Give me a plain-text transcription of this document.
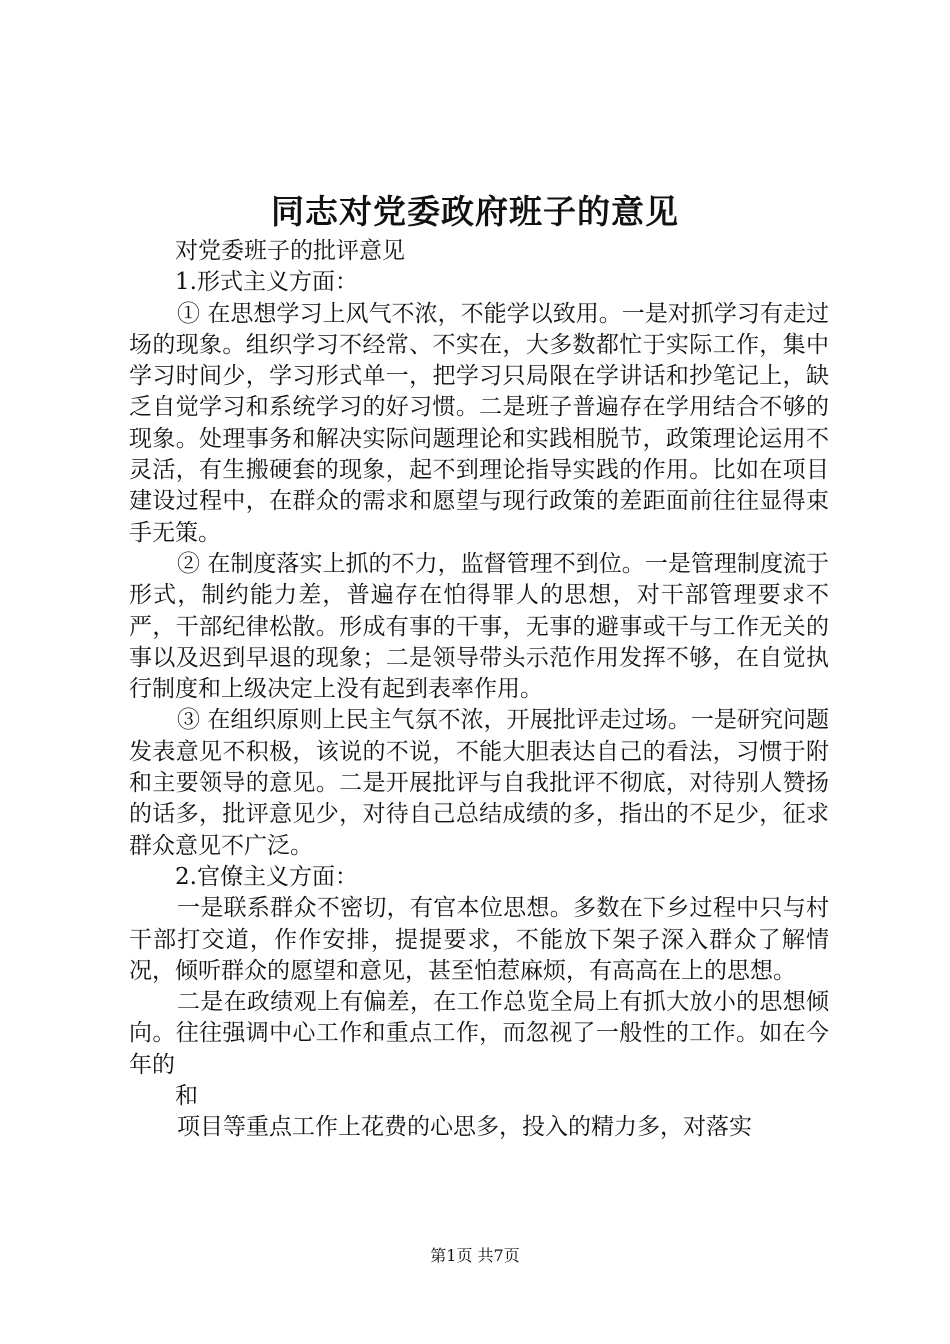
同志对党委政府班子的意见

对党委班子的批评意见

1.形式主义方面：

① 在思想学习上风气不浓，不能学以致用。一是对抓学习有走过场的现象。组织学习不经常、不实在，大多数都忙于实际工作，集中学习时间少，学习形式单一，把学习只局限在学讲话和抄笔记上，缺乏自觉学习和系统学习的好习惯。二是班子普遍存在学用结合不够的现象。处理事务和解决实际问题理论和实践相脱节，政策理论运用不灵活，有生搬硬套的现象，起不到理论指导实践的作用。比如在项目建设过程中，在群众的需求和愿望与现行政策的差距面前往往显得束手无策。

② 在制度落实上抓的不力，监督管理不到位。一是管理制度流于形式，制约能力差，普遍存在怕得罪人的思想，对干部管理要求不严，干部纪律松散。形成有事的干事，无事的避事或干与工作无关的事以及迟到早退的现象；二是领导带头示范作用发挥不够，在自觉执行制度和上级决定上没有起到表率作用。

③ 在组织原则上民主气氛不浓，开展批评走过场。一是研究问题发表意见不积极，该说的不说，不能大胆表达自己的看法，习惯于附和主要领导的意见。二是开展批评与自我批评不彻底，对待别人赞扬的话多，批评意见少，对待自己总结成绩的多，指出的不足少，征求群众意见不广泛。

2.官僚主义方面：

一是联系群众不密切，有官本位思想。多数在下乡过程中只与村干部打交道，作作安排，提提要求，不能放下架子深入群众了解情况，倾听群众的愿望和意见，甚至怕惹麻烦，有高高在上的思想。

二是在政绩观上有偏差，在工作总览全局上有抓大放小的思想倾向。往往强调中心工作和重点工作，而忽视了一般性的工作。如在今年的

和

项目等重点工作上花费的心思多，投入的精力多，对落实

第1页 共7页
